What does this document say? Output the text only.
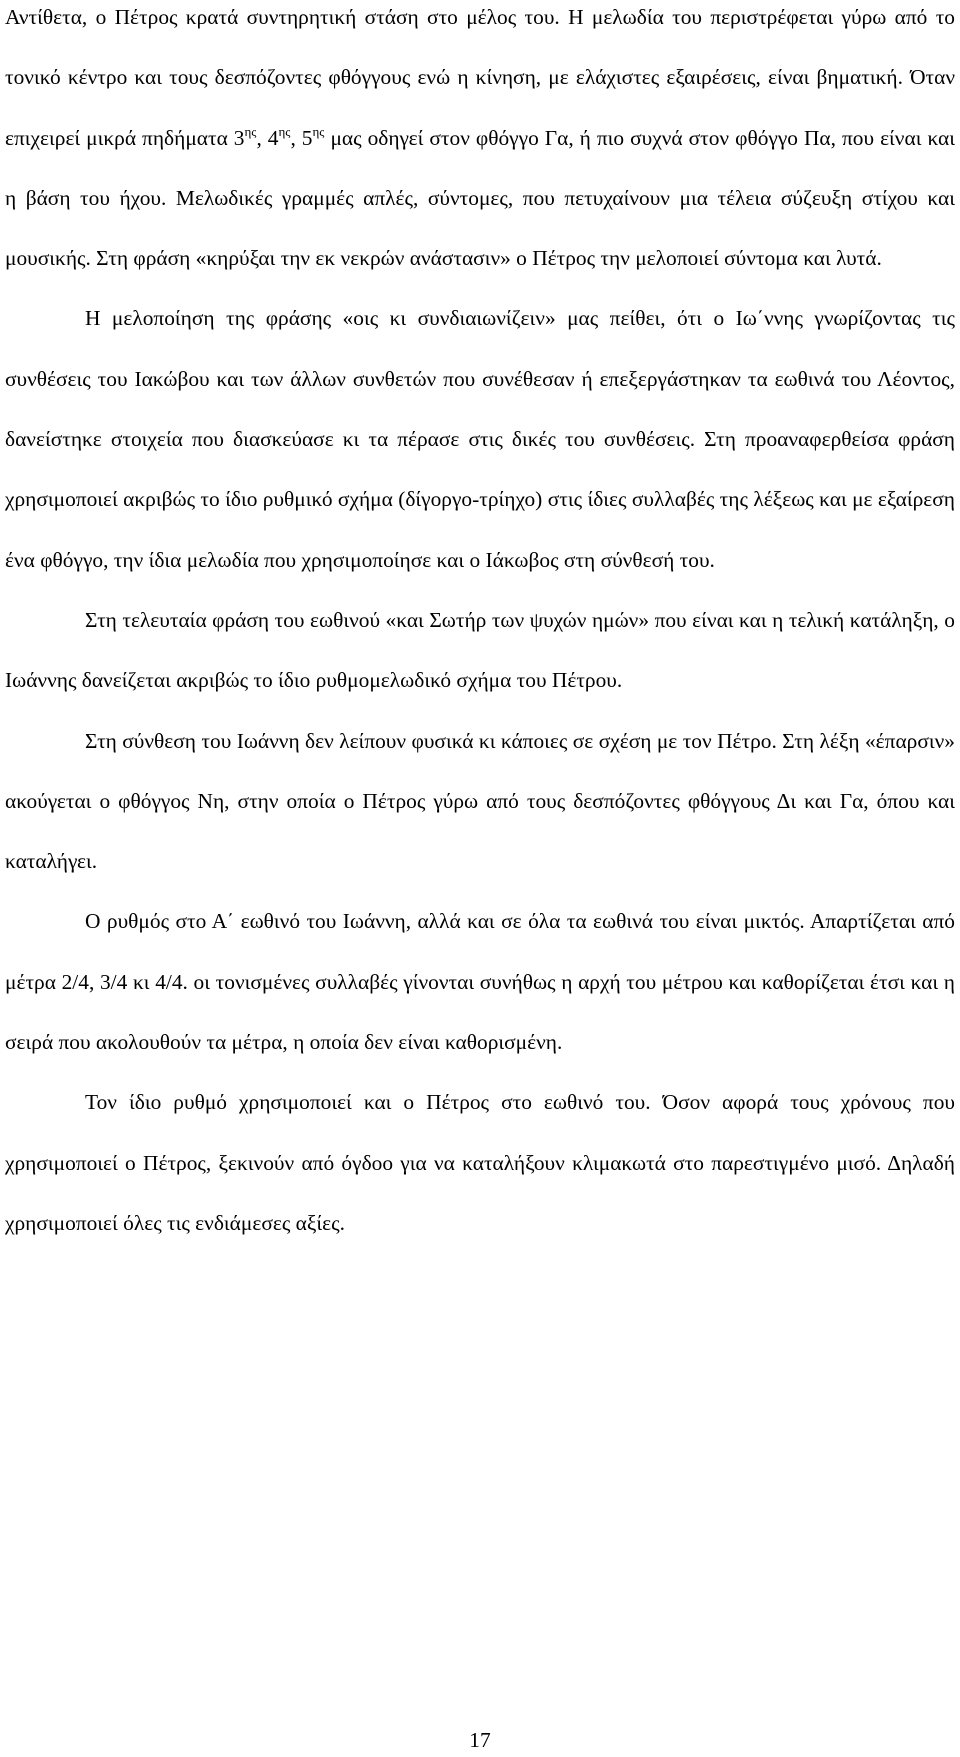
Αντίθετα, ο Πέτρος κρατά συντηρητική στάση στο μέλος του. Η μελωδία του περιστρέφεται γύρω από το τονικό κέντρο και τους δεσπόζοντες φθόγγους ενώ η κίνηση, με ελάχιστες εξαιρέσεις, είναι βηματική. Όταν επιχειρεί μικρά πηδήματα $3^{\eta\varsigma}$, $4^{\eta\varsigma}$, $5^{\eta\varsigma}$ μας οδηγεί στον φθόγγο Γα, ή πιο συχνά στον φθόγγο Πα, που είναι και η βάση του ήχου. Μελωδικές γραμμές απλές, σύντομες, που πετυχαίνουν μια τέλεια σύζευξη στίχου και μουσικής. Στη φράση «κηρύξαι την εκ νεκρών ανάστασιν» ο Πέτρος την μελοποιεί σύντομα και λυτά.

Η μελοποίηση της φράσης «οις κι συνδιαιωνίζειν» μας πείθει, ότι ο Ιω΄ννης γνωρίζοντας τις συνθέσεις του Ιακώβου και των άλλων συνθετών που συνέθεσαν ή επεξεργάστηκαν τα εωθινά του Λέοντος, δανείστηκε στοιχεία που διασκεύασε κι τα πέρασε στις δικές του συνθέσεις. Στη προαναφερθείσα φράση χρησιμοποιεί ακριβώς το ίδιο ρυθμικό σχήμα (δίγοργο-τρίηχο) στις ίδιες συλλαβές της λέξεως και με εξαίρεση ένα φθόγγο, την ίδια μελωδία που χρησιμοποίησε και ο Ιάκωβος στη σύνθεσή του.

Στη τελευταία φράση του εωθινού «και Σωτήρ των ψυχών ημών» που είναι και η τελική κατάληξη, ο Ιωάννης δανείζεται ακριβώς το ίδιο ρυθμομελωδικό σχήμα του Πέτρου.

Στη σύνθεση του Ιωάννη δεν λείπουν φυσικά κι κάποιες σε σχέση με τον Πέτρο. Στη λέξη «έπαρσιν» ακούγεται ο φθόγγος Νη, στην οποία ο Πέτρος γύρω από τους δεσπόζοντες φθόγγους Δι και Γα, όπου και καταλήγει.

Ο ρυθμός στο Α΄ εωθινό του Ιωάννη, αλλά και σε όλα τα εωθινά του είναι μικτός. Απαρτίζεται από μέτρα 2/4, 3/4 κι 4/4. οι τονισμένες συλλαβές γίνονται συνήθως η αρχή του μέτρου και καθορίζεται έτσι και η σειρά που ακολουθούν τα μέτρα, η οποία δεν είναι καθορισμένη.

Τον ίδιο ρυθμό χρησιμοποιεί και ο Πέτρος στο εωθινό του. Όσον αφορά τους χρόνους που χρησιμοποιεί ο Πέτρος, ξεκινούν από όγδοο για να καταλήξουν κλιμακωτά στο παρεστιγμένο μισό. Δηλαδή χρησιμοποιεί όλες τις ενδιάμεσες αξίες.

17
